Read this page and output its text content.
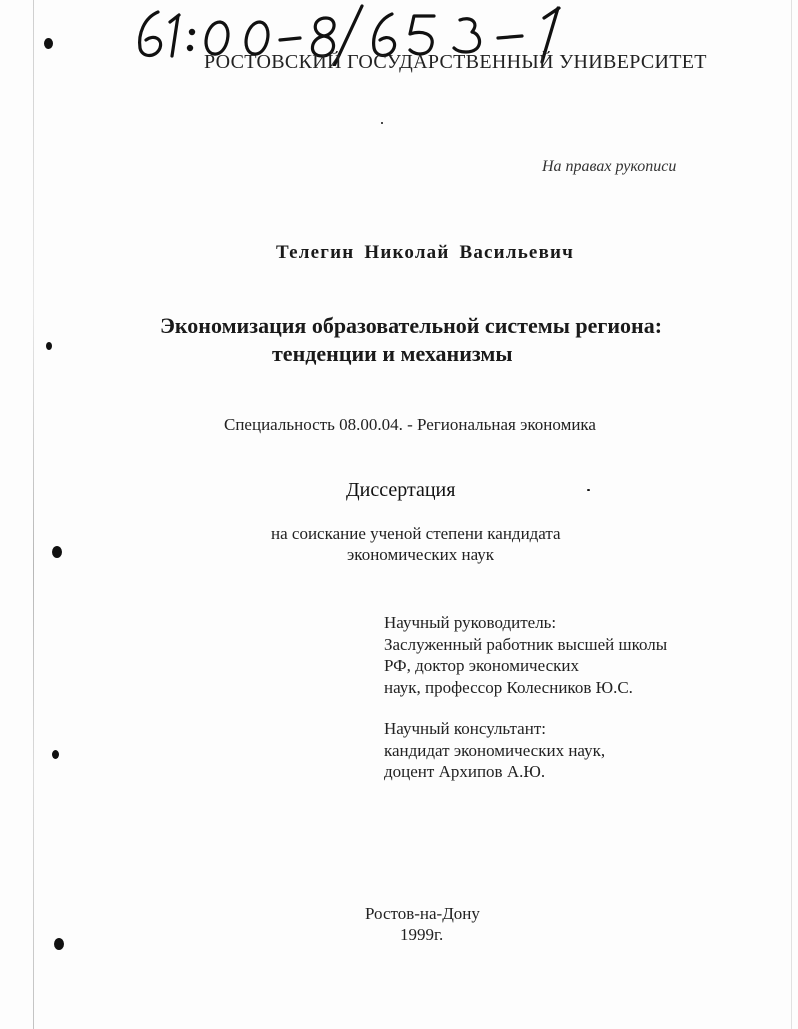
РОСТОВСКИЙ ГОСУДАРСТВЕННЫЙ УНИВЕРСИТЕТ

На правах рукописи

Телегин Николай Васильевич

Экономизация образовательной системы региона:

тенденции и механизмы

Специальность 08.00.04. - Региональная экономика

Диссертация

на соискание ученой степени кандидата

экономических наук

Научный руководитель:
Заслуженный работник высшей школы
РФ, доктор экономических
наук, профессор Колесников Ю.С.
Научный консультант:
кандидат экономических наук,
доцент Архипов А.Ю.

Ростов-на-Дону

1999г.
